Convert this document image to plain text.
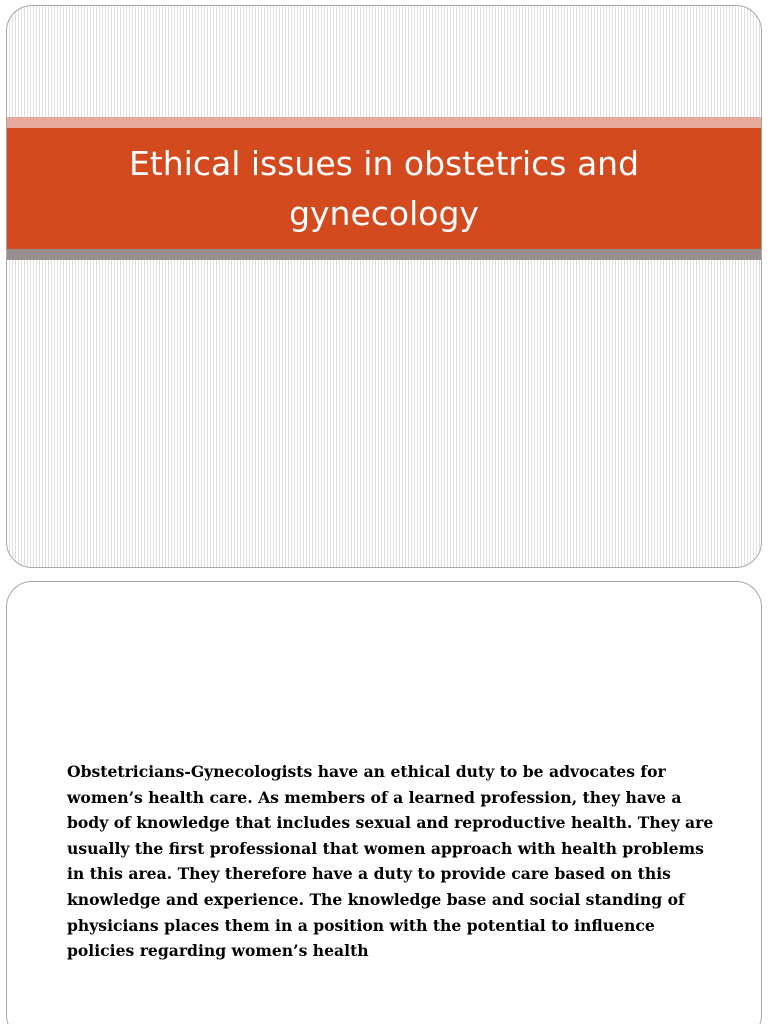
Ethical issues in obstetrics and gynecology
Obstetricians-Gynecologists have an ethical duty to be advocates for
women’s health care. As members of a learned profession, they have a
body of knowledge that includes sexual and reproductive health. They are
usually the first professional that women approach with health problems
in this area. They therefore have a duty to provide care based on this
knowledge and experience. The knowledge base and social standing of
physicians places them in a position with the potential to influence
policies regarding women’s health
